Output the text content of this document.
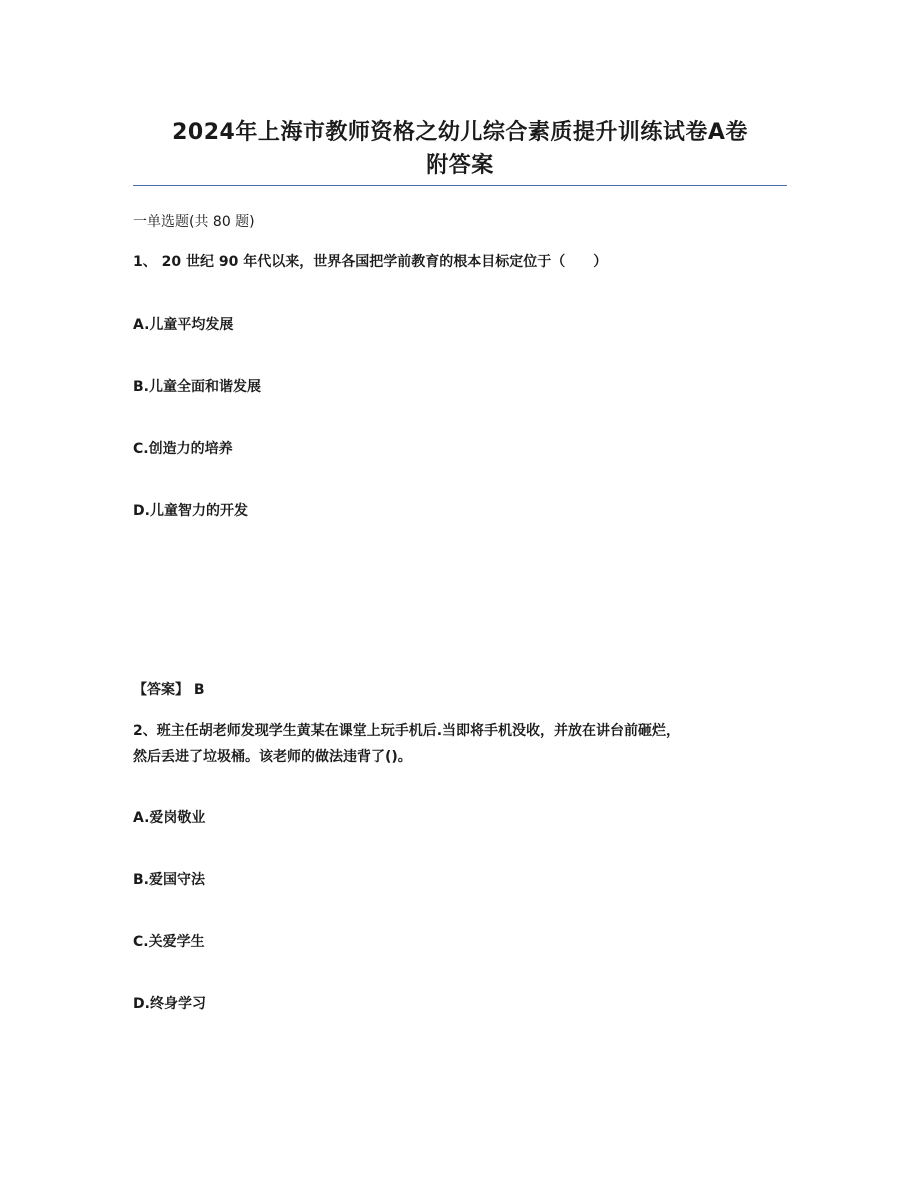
2024年上海市教师资格之幼儿综合素质提升训练试卷A卷
附答案
一单选题(共 80 题)
1、 20 世纪 90 年代以来，世界各国把学前教育的根本目标定位于（　　）
A.儿童平均发展
B.儿童全面和谐发展
C.创造力的培养
D.儿童智力的开发
【答案】 B
2、班主任胡老师发现学生黄某在课堂上玩手机后.当即将手机没收，并放在讲台前砸烂，
然后丢进了垃圾桶。该老师的做法违背了()。
A.爱岗敬业
B.爱国守法
C.关爱学生
D.终身学习
